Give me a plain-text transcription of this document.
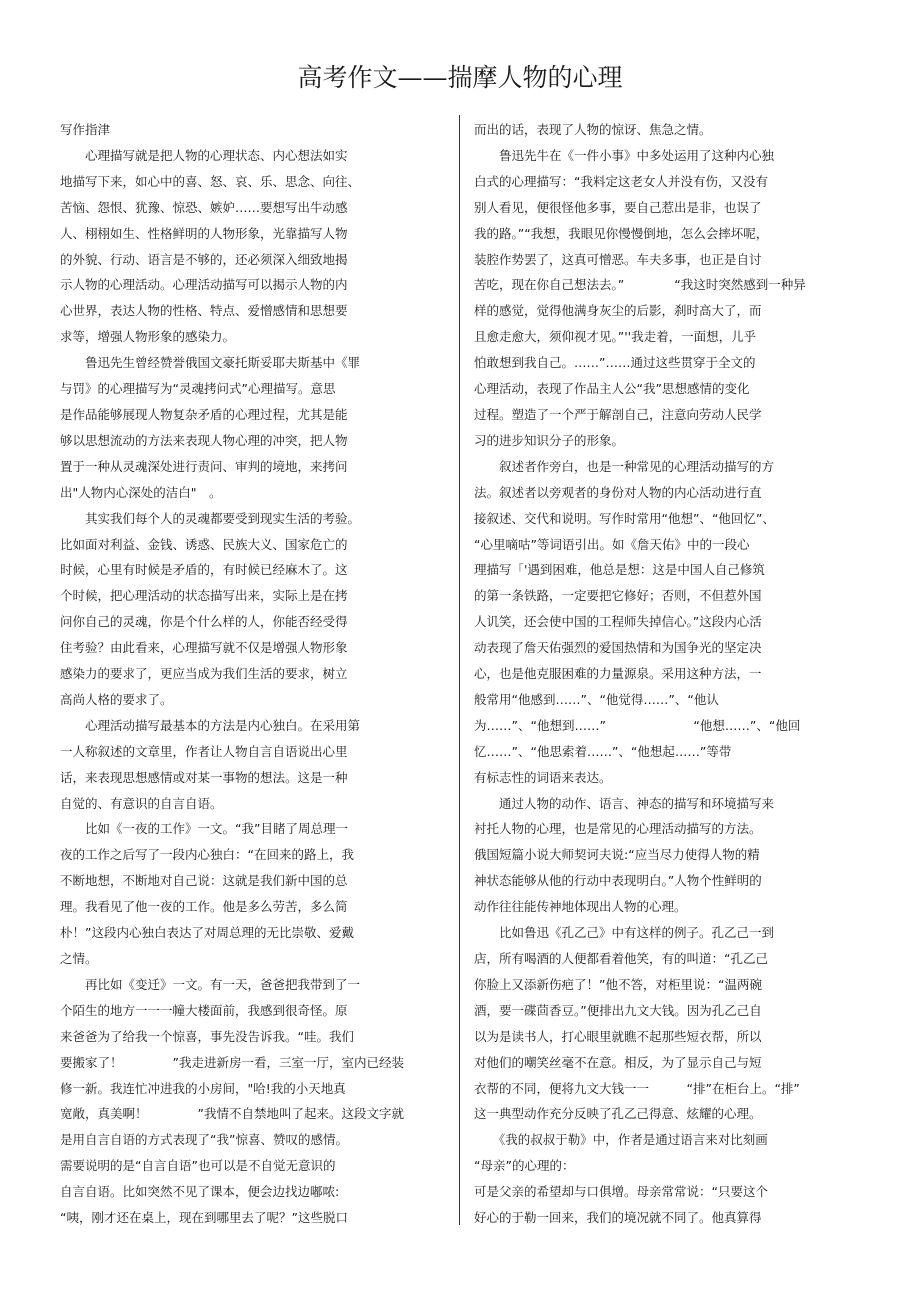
高考作文——揣摩人物的心理

写作指津

　　心理描写就是把人物的心理状态、内心想法如实

地描写下来，如心中的喜、怒、哀、乐、思念、向往、

苦恼、怨恨、犹豫、惊恐、嫉妒……要想写出牛动感

人、栩栩如生、性格鲜明的人物形象，光靠描写人物

的外貌、行动、语言是不够的，还必须深入细致地揭

示人物的心理活动。心理活动描写可以揭示人物的内

心世界，表达人物的性格、特点、爱憎感情和思想要

求等，增强人物形象的感染力。

　　鲁迅先生曾经赞誉俄国文豪托斯妥耶夫斯基中《罪

与罚》的心理描写为“灵魂拷问式”心理描写。意思

是作品能够展现人物复杂矛盾的心理过程，尤其是能

够以思想流动的方法来表现人物心理的冲突，把人物

置于一种从灵魂深处进行责问、审判的境地，来拷问

出"人物内心深处的洁白"　。

　　其实我们每个人的灵魂都要受到现实生活的考验。

比如面对利益、金钱、诱惑、民族大义、国家危亡的

时候，心里有时候是矛盾的，有时候已经麻木了。这

个时候，把心理活动的状态描写出来，实际上是在拷

问你自己的灵魂，你是个什么样的人，你能否经受得

住考验？由此看来，心理描写就不仅是增强人物形象

感染力的要求了，更应当成为我们生活的要求，树立

高尚人格的要求了。

　　心理活动描写最基本的方法是内心独白。在采用第

一人称叙述的文章里，作者让人物自言自语说出心里

话，来表现思想感情或对某一事物的想法。这是一种

自觉的、有意识的自言自语。

　　比如《一夜的工作》一文。“我”目睹了周总理一

夜的工作之后写了一段内心独白：“在回来的路上，我

不断地想，不断地对自己说：这就是我们新中国的总

理。我看见了他一夜的工作。他是多么劳苦，多么简

朴！”这段内心独白表达了对周总理的无比崇敬、爱戴

之情。

　　再比如《变迁》一文。有一天，爸爸把我带到了一

个陌生的地方一一一幢大楼面前，我感到很奇怪。原

来爸爸为了给我一个惊喜，事先没告诉我。“哇。我们

要搬家了！　　　　”我走进新房一看，三室一厅，室内已经装

修一新。我连忙冲进我的小房间，"哈!我的小天地真

宽敞，真美啊！　　　　”我情不自禁地叫了起来。这段文字就

是用自言自语的方式表现了“我”惊喜、赞叹的感情。

需要说明的是“自言自语”也可以是不自觉无意识的

自言自语。比如突然不见了课本，便会边找边嘟哝:

“咦，刚才还在桌上，现在到哪里去了呢？”这些脱口

而出的话，表现了人物的惊讶、焦急之情。

　　鲁迅先牛在《一件小事》中多处运用了这种内心独

白式的心理描写：“我料定这老女人并没有伤，又没有

别人看见，便很怪他多事，要自己惹出是非，也误了

我的路。”“我想，我眼见你慢慢倒地，怎么会摔坏呢，

装腔作势罢了，这真可憎恶。车夫多事，也正是自讨

苦吃，现在你自己想法去。”　　　　“我这时突然感到一种异

样的感觉，觉得他满身灰尘的后影，刹时高大了，而

且愈走愈大，须仰视才见。”''我走着，一面想，儿乎

怕敢想到我自己。……”……通过这些贯穿于全文的

心理活动，表现了作品主人公“我”思想感情的变化

过程。塑造了一个严于解剖自己，注意向劳动人民学

习的进步知识分子的形象。

　　叙述者作旁白，也是一种常见的心理活动描写的方

法。叙述者以旁观者的身份对人物的内心活动进行直

接叙述、交代和说明。写作时常用“他想”、“他回忆”、

“心里嘀咕”等词语引出。如《詹天佑》中的一段心

理描写「'遇到困难，他总是想：这是中国人自己修筑

的第一条铁路，一定要把它修好；否则，不但惹外国

人讥笑，还会使中国的工程师失掉信心。”这段内心活

动表现了詹天佑强烈的爱国热情和为国争光的坚定决

心，也是他克服困难的力量源泉。采用这种方法，一

般常用“他感到……”、“他觉得……”、“他认

为……”、“他想到……”　　　　　　　“他想……”、“他回

忆……”、“他思索着……”、“他想起……”等带

有标志性的词语来表达。

　　通过人物的动作、语言、神态的描写和环境描写来

衬托人物的心理，也是常见的心理活动描写的方法。

俄国短篇小说大师契诃夫说:“应当尽力使得人物的精

神状态能够从他的行动中表现明白。”人物个性鲜明的

动作往往能传神地体现出人物的心理。

　　比如鲁迅《孔乙己》中有这样的例子。孔乙己一到

店，所有喝酒的人便都看着他笑，有的叫道：“孔乙己

你脸上又添新伤疤了！”他不答，对柜里说：“温两碗

酒，要一碟茴香豆。”便排出九文大钱。因为孔乙己自

以为是读书人，打心眼里就瞧不起那些短衣帮，所以

对他们的嘲笑丝毫不在意。相反，为了显示自己与短

衣帮的不同，便将九文大钱一一　　　“排”在柜台上。“排”

这一典型动作充分反映了孔乙己得意、炫耀的心理。

　　《我的叔叔于勒》中，作者是通过语言来对比刻画

“母亲”的心理的：

可是父亲的希望却与口俱增。母亲常常说：“只要这个

好心的于勒一回来，我们的境况就不同了。他真算得
